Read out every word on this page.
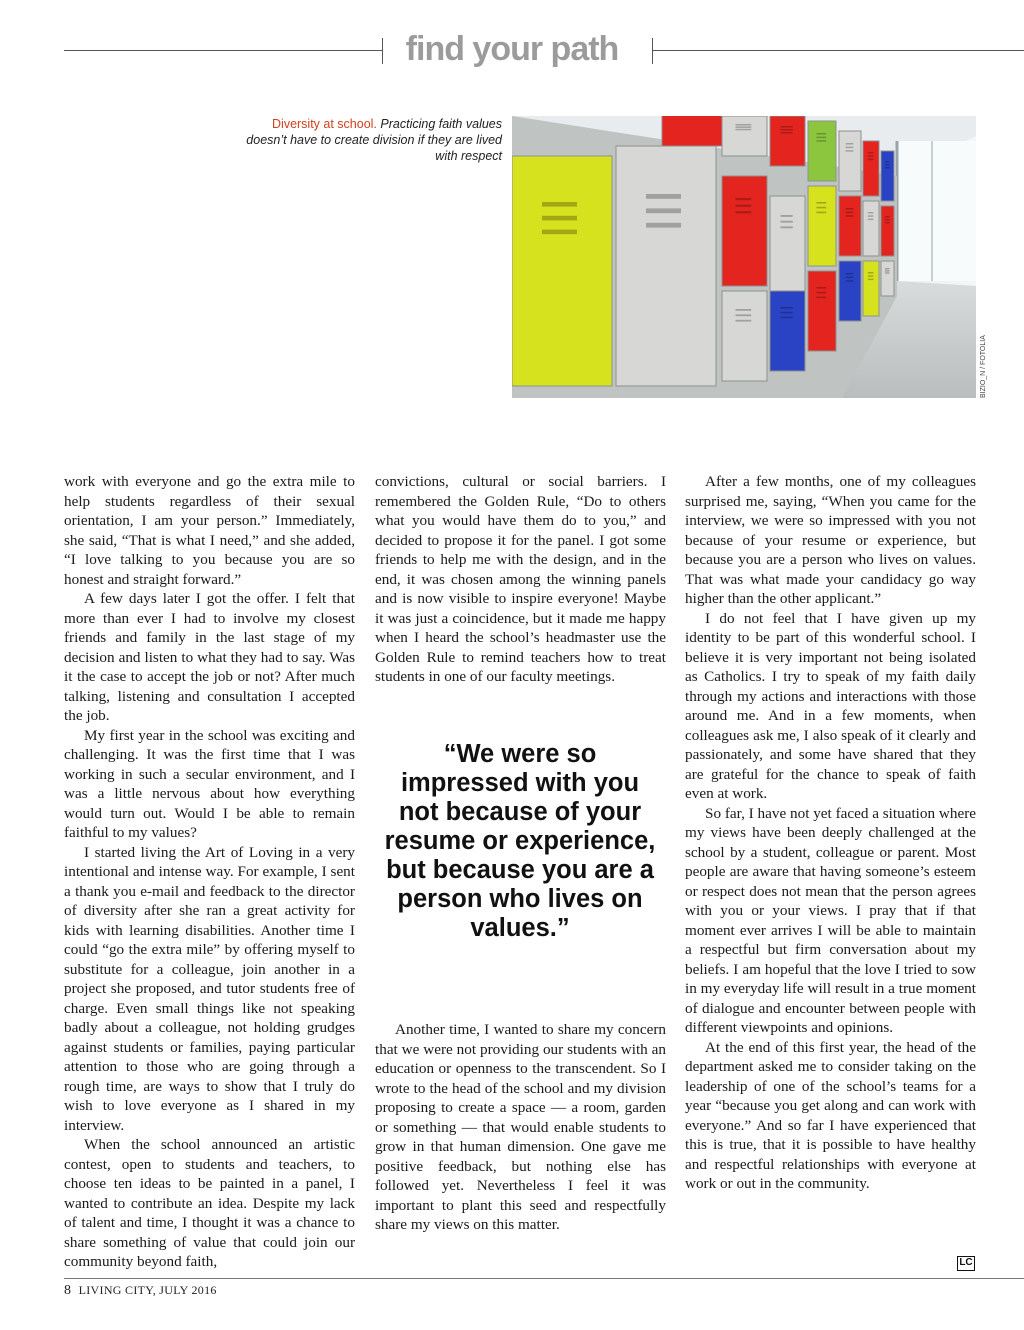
find your path
Diversity at school. Practicing faith values doesn’t have to create division if they are lived with respect
BIZIO_N / FOTOLIA

work with everyone and go the extra mile to help students regardless of their sexual orientation, I am your person.” Immediately, she said, “That is what I need,” and she added, “I love talking to you because you are so honest and straight forward.”

A few days later I got the offer. I felt that more than ever I had to involve my closest friends and family in the last stage of my decision and listen to what they had to say. Was it the case to accept the job or not? After much talking, listening and consultation I accepted the job.

My first year in the school was exciting and challenging. It was the first time that I was working in such a secular environment, and I was a little nervous about how everything would turn out. Would I be able to remain faithful to my values?

I started living the Art of Loving in a very intentional and intense way. For example, I sent a thank you e-mail and feedback to the director of diversity after she ran a great activity for kids with learning disabilities. Another time I could “go the extra mile” by offering myself to substitute for a colleague, join another in a project she proposed, and tutor students free of charge. Even small things like not speaking badly about a colleague, not holding grudges against students or families, paying particular attention to those who are going through a rough time, are ways to show that I truly do wish to love everyone as I shared in my interview.

When the school announced an artistic contest, open to students and teachers, to choose ten ideas to be painted in a panel, I wanted to contribute an idea. Despite my lack of talent and time, I thought it was a chance to share something of value that could join our community beyond faith,

convictions, cultural or social barriers. I remembered the Golden Rule, “Do to others what you would have them do to you,” and decided to propose it for the panel. I got some friends to help me with the design, and in the end, it was chosen among the winning panels and is now visible to inspire everyone! Maybe it was just a coincidence, but it made me happy when I heard the school’s headmaster use the Golden Rule to remind teachers how to treat students in one of our faculty meetings.

“We were so impressed with you not because of your resume or experience, but because you are a person who lives on values.”

Another time, I wanted to share my concern that we were not providing our students with an education or openness to the transcendent. So I wrote to the head of the school and my division proposing to create a space — a room, garden or something — that would enable students to grow in that human dimension. One gave me positive feedback, but nothing else has followed yet. Nevertheless I feel it was important to plant this seed and respectfully share my views on this matter.

After a few months, one of my colleagues surprised me, saying, “When you came for the interview, we were so impressed with you not because of your resume or experience, but because you are a person who lives on values. That was what made your candidacy go way higher than the other applicant.”

I do not feel that I have given up my identity to be part of this wonderful school. I believe it is very important not being isolated as Catholics. I try to speak of my faith daily through my actions and interactions with those around me. And in a few moments, when colleagues ask me, I also speak of it clearly and passionately, and some have shared that they are grateful for the chance to speak of faith even at work.

So far, I have not yet faced a situation where my views have been deeply challenged at the school by a student, colleague or parent. Most people are aware that having someone’s esteem or respect does not mean that the person agrees with you or your views. I pray that if that moment ever arrives I will be able to maintain a respectful but firm conversation about my beliefs. I am hopeful that the love I tried to sow in my everyday life will result in a true moment of dialogue and encounter between people with different viewpoints and opinions.

At the end of this first year, the head of the department asked me to consider taking on the leadership of one of the school’s teams for a year “because you get along and can work with everyone.” And so far I have experienced that this is true, that it is possible to have healthy and respectful relationships with everyone at work or out in the community.

LC
8 LIVING CITY, JULY 2016
